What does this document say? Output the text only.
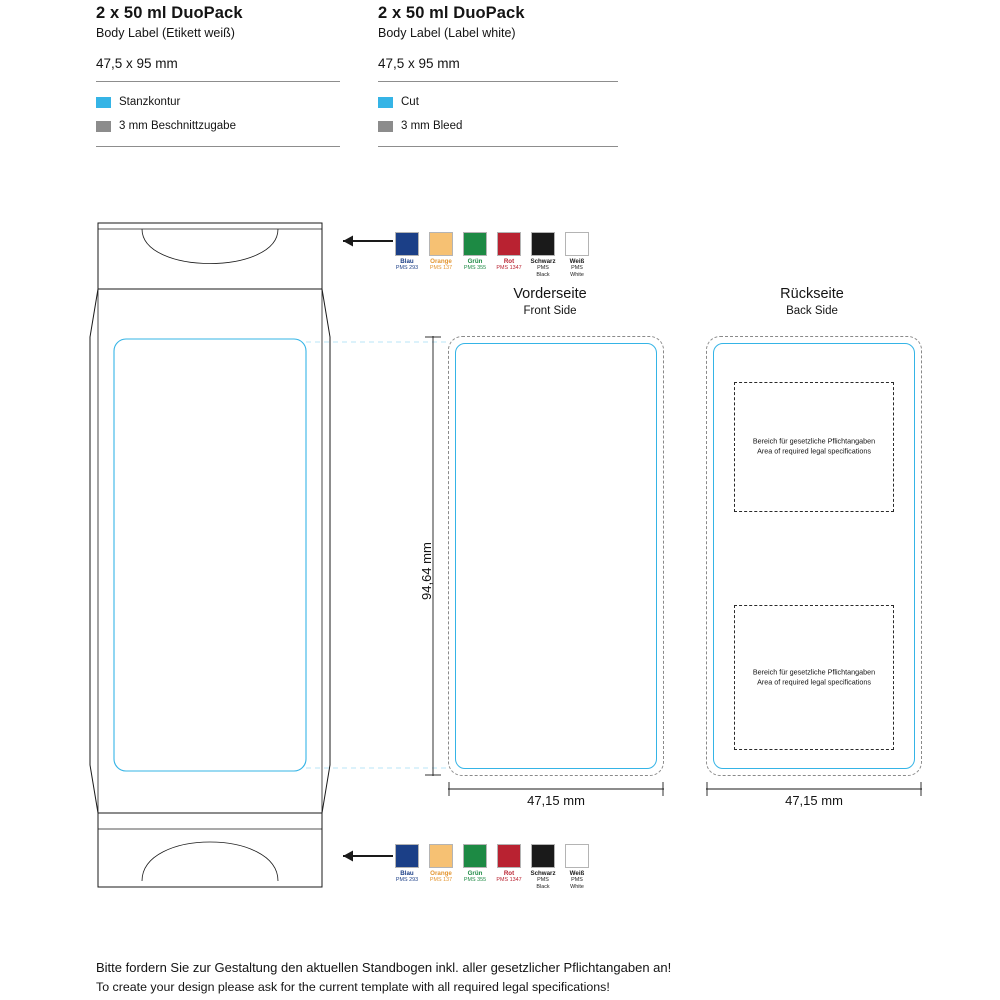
2 x 50 ml DuoPack
Body Label (Etikett weiß)
47,5 x 95 mm
Stanzkontur
3 mm Beschnittzugabe
2 x 50 ml DuoPack
Body Label (Label white)
47,5 x 95 mm
Cut
3 mm Bleed
Blau
PMS 293
Orange
PMS 137
Grün
PMS 355
Rot
PMS 1347
Schwarz
PMS Black
Weiß
PMS White
Blau
PMS 293
Orange
PMS 137
Grün
PMS 355
Rot
PMS 1347
Schwarz
PMS Black
Weiß
PMS White
Vorderseite
Front Side
94,64 mm
47,15 mm
Rückseite
Back Side
Bereich für gesetzliche Pflichtangaben
Area of required legal specifications
Bereich für gesetzliche Pflichtangaben
Area of required legal specifications
47,15 mm
Bitte fordern Sie zur Gestaltung den aktuellen Standbogen inkl. aller gesetzlicher Pflichtangaben an!
To create your design please ask for the current template with all required legal specifications!
